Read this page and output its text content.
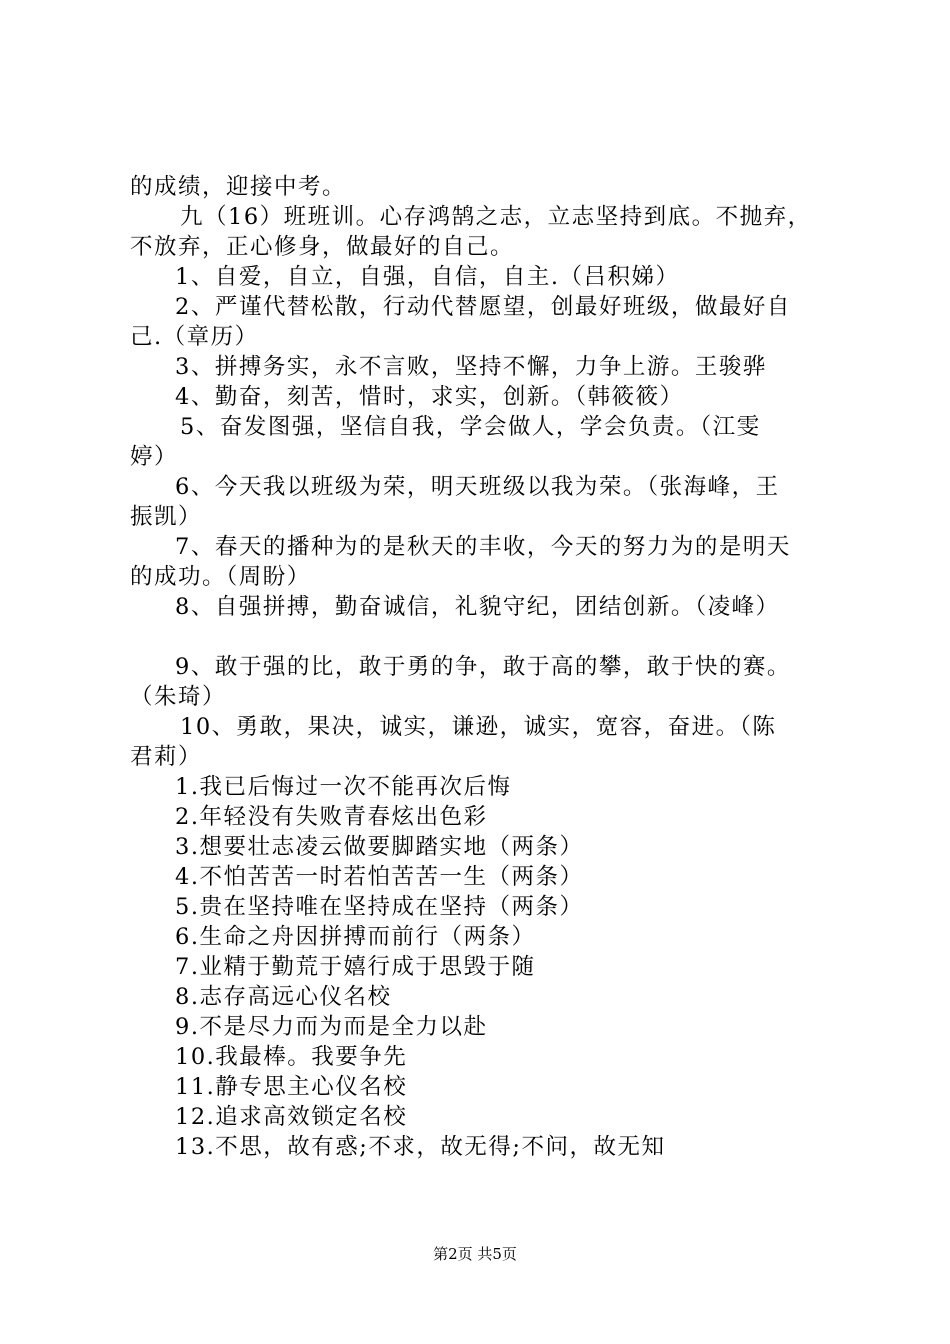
的成绩，迎接中考。
九（16）班班训。心存鸿鹄之志，立志坚持到底。不抛弃，
不放弃，正心修身，做最好的自己。
1、自爱，自立，自强，自信，自主.（吕积娣）
2、严谨代替松散，行动代替愿望，创最好班级，做最好自
己.（章历）
3、拼搏务实，永不言败，坚持不懈，力争上游。王骏骅
4、勤奋，刻苦，惜时，求实，创新。（韩筱筱）
5、奋发图强，坚信自我，学会做人，学会负责。（江雯
婷）
6、今天我以班级为荣，明天班级以我为荣。（张海峰，王
振凯）
7、春天的播种为的是秋天的丰收，今天的努力为的是明天
的成功。（周盼）
8、自强拼搏，勤奋诚信，礼貌守纪，团结创新。（凌峰）
9、敢于强的比，敢于勇的争，敢于高的攀，敢于快的赛。
（朱琦）
10、勇敢，果决，诚实，谦逊，诚实，宽容，奋进。（陈
君莉）
1.我已后悔过一次不能再次后悔
2.年轻没有失败青春炫出色彩
3.想要壮志凌云做要脚踏实地（两条）
4.不怕苦苦一时若怕苦苦一生（两条）
5.贵在坚持唯在坚持成在坚持（两条）
6.生命之舟因拼搏而前行（两条）
7.业精于勤荒于嬉行成于思毁于随
8.志存高远心仪名校
9.不是尽力而为而是全力以赴
10.我最棒。我要争先
11.静专思主心仪名校
12.追求高效锁定名校
13.不思，故有惑;不求，故无得;不问，故无知
第2页 共5页
